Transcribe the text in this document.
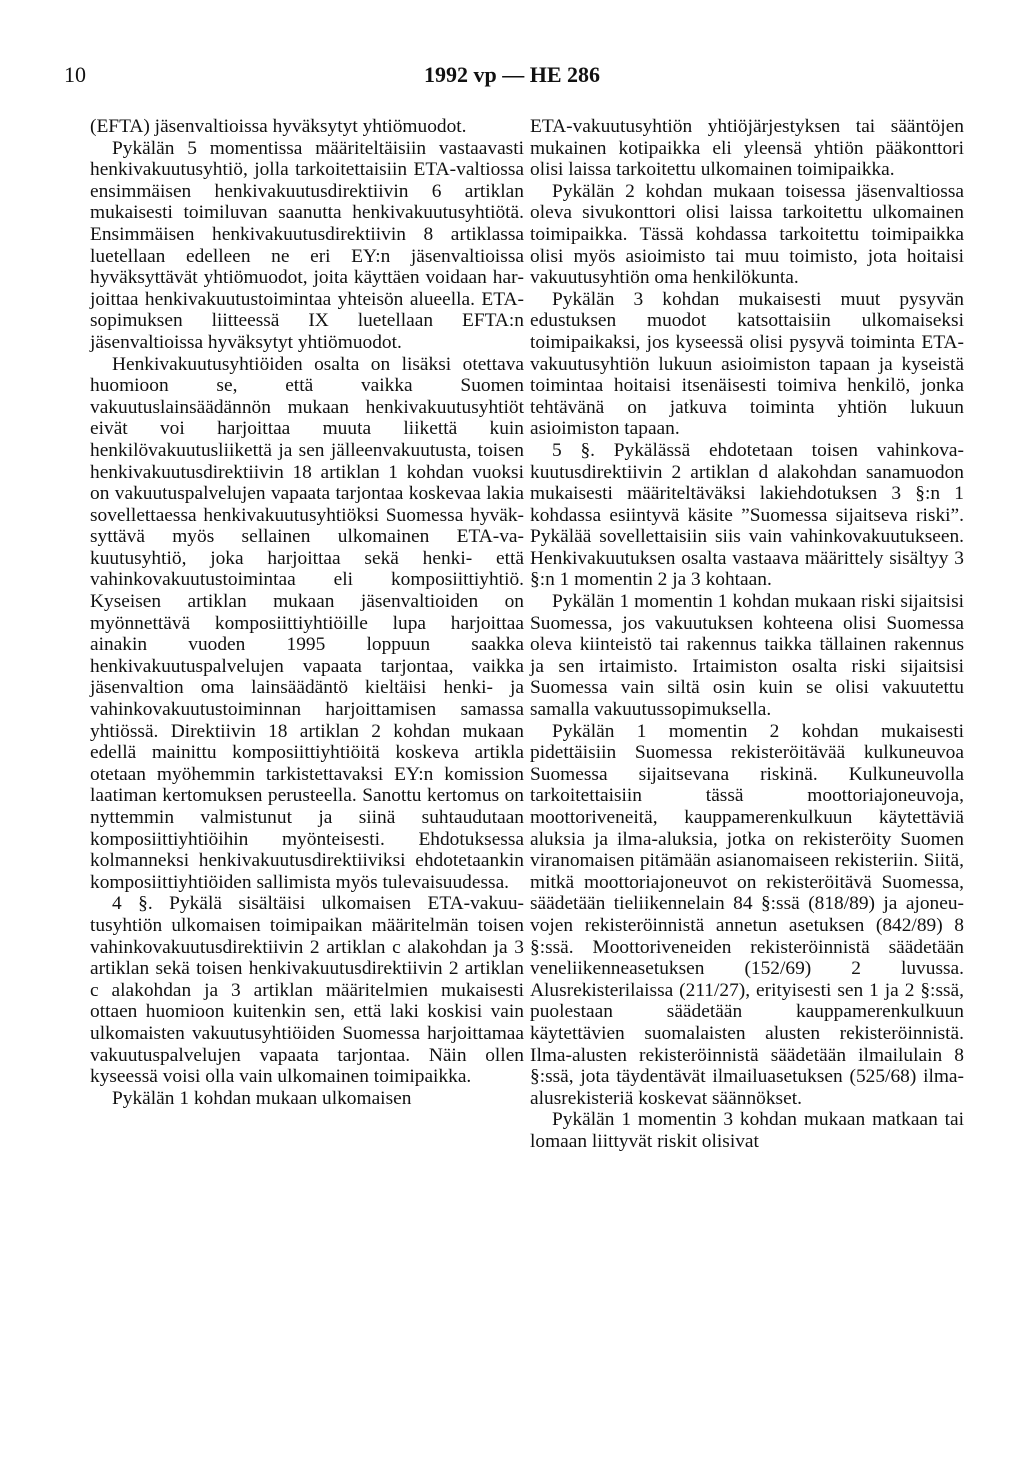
10	1992 vp — HE 286

(EFTA) jäsenvaltioissa hyväksytyt yhtiömuodot.

Pykälän 5 momentissa määriteltäisiin vastaavasti henkivakuutusyhtiö, jolla tarkoitettaisiin ETA-valtiossa ensimmäisen henkivakuutusdirektiivin 6 artiklan mukaisesti toimiluvan saanutta henkivakuutusyhtiötä. Ensimmäisen henkivakuutusdirektiivin 8 artiklassa luetellaan edelleen ne eri EY:n jäsenvaltioissa hyväksyttävät yhtiömuodot, joita käyttäen voidaan harjoittaa henkivakuutustoimintaa yhteisön alueella. ETA-sopimuksen liitteessä IX luetellaan EFTA:n jäsenvaltioissa hyväksytyt yhtiömuodot.

Henkivakuutusyhtiöiden osalta on lisäksi otettava huomioon se, että vaikka Suomen vakuutuslainsäädännön mukaan henkivakuutusyhtiöt eivät voi harjoittaa muuta liikettä kuin henkilövakuutusliikettä ja sen jälleenvakuutusta, toisen henkivakuutusdirektiivin 18 artiklan 1 kohdan vuoksi on vakuutuspalvelujen vapaata tarjontaa koskevaa lakia sovellettaessa henkivakuutusyhtiöksi Suomessa hyväksyttävä myös sellainen ulkomainen ETA-vakuutusyhtiö, joka harjoittaa sekä henki- että vahinkovakuutustoimintaa eli komposiittiyhtiö. Kyseisen artiklan mukaan jäsenvaltioiden on myönnettävä komposiittiyhtiöille lupa harjoittaa ainakin vuoden 1995 loppuun saakka henkivakuutuspalvelujen vapaata tarjontaa, vaikka jäsenvaltion oma lainsäädäntö kieltäisi henki- ja vahinkovakuutustoiminnan harjoittamisen samassa yhtiössä. Direktiivin 18 artiklan 2 kohdan mukaan edellä mainittu komposiittiyhtiöitä koskeva artikla otetaan myöhemmin tarkistettavaksi EY:n komission laatiman kertomuksen perusteella. Sanottu kertomus on nyttemmin valmistunut ja siinä suhtaudutaan komposiittiyhtiöihin myönteisesti. Ehdotuksessa kolmanneksi henkivakuutusdirektiiviksi ehdotetaankin komposiittiyhtiöiden sallimista myös tulevaisuudessa.

4 §. Pykälä sisältäisi ulkomaisen ETA-vakuutusyhtiön ulkomaisen toimipaikan määritelmän toisen vahinkovakuutusdirektiivin 2 artiklan c alakohdan ja 3 artiklan sekä toisen henkivakuutusdirektiivin 2 artiklan c alakohdan ja 3 artiklan määritelmien mukaisesti ottaen huomioon kuitenkin sen, että laki koskisi vain ulkomaisten vakuutusyhtiöiden Suomessa harjoittamaa vakuutuspalvelujen vapaata tarjontaa. Näin ollen kyseessä voisi olla vain ulkomainen toimipaikka.

Pykälän 1 kohdan mukaan ulkomaisen

ETA-vakuutusyhtiön yhtiöjärjestyksen tai sääntöjen mukainen kotipaikka eli yleensä yhtiön pääkonttori olisi laissa tarkoitettu ulkomainen toimipaikka.

Pykälän 2 kohdan mukaan toisessa jäsenvaltiossa oleva sivukonttori olisi laissa tarkoitettu ulkomainen toimipaikka. Tässä kohdassa tarkoitettu toimipaikka olisi myös asioimisto tai muu toimisto, jota hoitaisi vakuutusyhtiön oma henkilökunta.

Pykälän 3 kohdan mukaisesti muut pysyvän edustuksen muodot katsottaisiin ulkomaiseksi toimipaikaksi, jos kyseessä olisi pysyvä toiminta ETA-vakuutusyhtiön lukuun asioimiston tapaan ja kyseistä toimintaa hoitaisi itsenäisesti toimiva henkilö, jonka tehtävänä on jatkuva toiminta yhtiön lukuun asioimiston tapaan.

5 §. Pykälässä ehdotetaan toisen vahinkovakuutusdirektiivin 2 artiklan d alakohdan sanamuodon mukaisesti määriteltäväksi lakiehdotuksen 3 §:n 1 kohdassa esiintyvä käsite ”Suomessa sijaitseva riski”. Pykälää sovellettaisiin siis vain vahinkovakuutukseen. Henkivakuutuksen osalta vastaava määrittely sisältyy 3 §:n 1 momentin 2 ja 3 kohtaan.

Pykälän 1 momentin 1 kohdan mukaan riski sijaitsisi Suomessa, jos vakuutuksen kohteena olisi Suomessa oleva kiinteistö tai rakennus taikka tällainen rakennus ja sen irtaimisto. Irtaimiston osalta riski sijaitsisi Suomessa vain siltä osin kuin se olisi vakuutettu samalla vakuutussopimuksella.

Pykälän 1 momentin 2 kohdan mukaisesti pidettäisiin Suomessa rekisteröitävää kulkuneuvoa Suomessa sijaitsevana riskinä. Kulkuneuvolla tarkoitettaisiin tässä moottoriajoneuvoja, moottoriveneitä, kauppamerenkulkuun käytettäviä aluksia ja ilma-aluksia, jotka on rekisteröity Suomen viranomaisen pitämään asianomaiseen rekisteriin. Siitä, mitkä moottoriajoneuvot on rekisteröitävä Suomessa, säädetään tieliikennelain 84 §:ssä (818/89) ja ajoneuvojen rekisteröinnistä annetun asetuksen (842/89) 8 §:ssä. Moottoriveneiden rekisteröinnistä säädetään veneliikenneasetuksen (152/69) 2 luvussa. Alusrekisterilaissa (211/27), erityisesti sen 1 ja 2 §:ssä, puolestaan säädetään kauppamerenkulkuun käytettävien suomalaisten alusten rekisteröinnistä. Ilma-alusten rekisteröinnistä säädetään ilmailulain 8 §:ssä, jota täydentävät ilmailuasetuksen (525/68) ilmaalusrekisteriä koskevat säännökset.

Pykälän 1 momentin 3 kohdan mukaan matkaan tai lomaan liittyvät riskit olisivat
